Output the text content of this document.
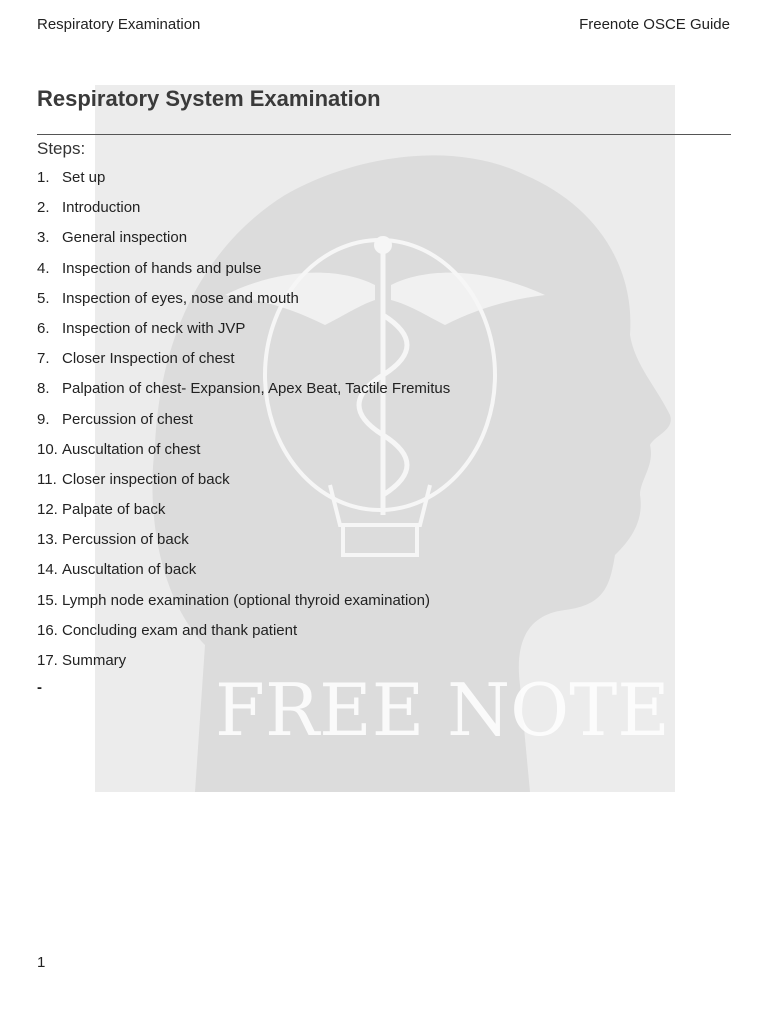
FREE NOTE
Respiratory Examination	Freenote OSCE Guide
Respiratory System Examination
Steps:
1. Set up
2. Introduction
3. General inspection
4. Inspection of hands and pulse
5. Inspection of eyes, nose and mouth
6. Inspection of neck with JVP
7. Closer Inspection of chest
8. Palpation of chest- Expansion, Apex Beat, Tactile Fremitus
9. Percussion of chest
10. Auscultation of chest
11. Closer inspection of back
12. Palpate of back
13. Percussion of back
14. Auscultation of back
15. Lymph node examination (optional thyroid examination)
16. Concluding exam and thank patient
17. Summary
-
1
